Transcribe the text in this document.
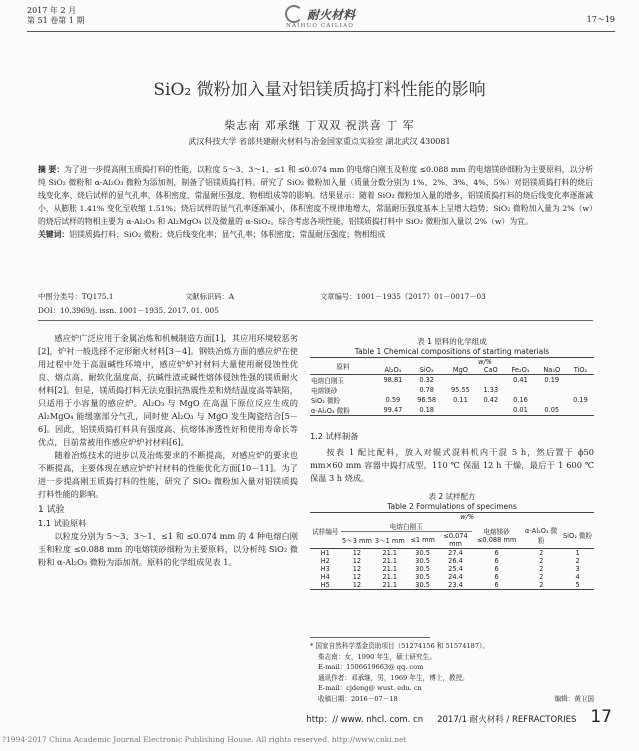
2017 年 2 月
第 51 卷第 1 期	耐火材料
NAIHUO CAILIAO
17～19
SiO₂ 微粉加入量对铝镁质捣打料性能的影响
柴志南 邓承继 丁双双 祝洪喜 丁 军
武汉科技大学 省部共建耐火材料与冶金国家重点实验室 湖北武汉 430081
摘 要：为了进一步提高刚玉质捣打料的性能，以粒度 5～3、3～1、≤1 和 ≤0.074 mm 的电熔白刚玉及粒度 ≤0.088 mm 的电熔镁砂细粉为主要原料，以分析纯 SiO₂ 微粉和 α-Al₂O₃ 微粉为添加剂，制备了铝镁质捣打料。研究了 SiO₂ 微粉加入量（质量分数分别为 1%、2%、3%、4%、5%）对铝镁质捣打料的烧后线变化率、烧后试样的显气孔率、体积密度、常温耐压强度、物相组成等的影响。结果显示：随着 SiO₂ 微粉加入量的增多，铝镁质捣打料的烧后线变化率逐渐减小，从膨胀 1.41% 变化至收缩 1.51%；烧后试样的显气孔率逐渐减小，体积密度不规律地增大，常温耐压强度基本上呈增大趋势；SiO₂ 微粉加入量为 2%（w）的烧后试样的物相主要为 α-Al₂O₃ 和 Al₂MgO₄ 以及微量的 α-SiO₂。综合考虑各项性能，铝镁质捣打料中 SiO₂ 微粉加入量以 2%（w）为宜。
关键词：铝镁质捣打料；SiO₂ 微粉；烧后线变化率；显气孔率；体积密度；常温耐压强度；物相组成
中图分类号：TQ175.1	文献标识码：A	文章编号：1001－1935（2017）01－0017－03
DOI：10.3969/j. issn. 1001－1935. 2017. 01. 005
感应炉广泛应用于金属冶炼和机械制造方面[1]，其应用环境较恶劣[2]，炉衬一般选择不定形耐火材料[3－4]。钢铁冶炼方面的感应炉在使用过程中处于高温碱性环境中，感应炉炉衬材料大量使用耐侵蚀性优良、熔点高、耐软化温度高、抗碱性渣或碱性熔体侵蚀性强的镁质耐火材料[2]。但是，镁质捣打料无法克服抗热震性差和烧结温度高等缺陷，只适用于小容量的感应炉。Al₂O₃ 与 MgO 在高温下原位反应生成的 Al₂MgO₄ 能缓塞部分气孔，同时使 Al₂O₃ 与 MgO 发生陶瓷结合[5－6]。因此，铝镁质捣打料具有强度高、抗熔体渗透性好和使用寿命长等优点，目前常被用作感应炉炉衬材料[6]。
随着冶炼技术的进步以及冶炼要求的不断提高，对感应炉的要求也不断提高，主要体现在感应炉炉衬材料的性能优化方面[10－11]。为了进一步提高刚玉质捣打料的性能，研究了 SiO₂ 微粉加入量对铝镁质捣打料性能的影响。
1 试验
1.1 试验原料
以粒度分别为 5～3、3～1、≤1 和 ≤0.074 mm 的 4 种电熔白刚玉和粒度 ≤0.088 mm 的电熔镁砂细粉为主要原料，以分析纯 SiO₂ 微粉和 α-Al₂O₃ 微粉为添加剂。原料的化学组成见表 1。
表 1 原料的化学组成
Table 1 Chemical compositions of starting materials
原料	w/%						
	Al₂O₃	SiO₂	MgO	CaO	Fe₂O₃	Na₂O	TiO₂
电熔白刚玉	98.81	0.32			0.41	0.19	
电熔镁砂		0.78	95.55	1.33			
SiO₂ 微粉	0.59	96.58	0.11	0.42	0.16		0.19
α-Al₂O₃ 微粉	99.47	0.18			0.01	0.05	
1.2 试样制备
按表 1 配比配料，放入对辊式混料机内干混 5 h，然后置于 ϕ50 mm×60 mm 容器中捣打成型，110 ℃ 保温 12 h 干燥，最后于 1 600 ℃ 保温 3 h 烧成。
表 2 试样配方
Table 2 Formulations of specimens
试样编号	w/%						
	电熔白刚玉				电熔镁砂 ≤0.088 mm	α-Al₂O₃ 微粉	SiO₂ 微粉
	5～3 mm	3～1 mm	≤1 mm	≤0.074 mm			
H1	12	21.1	30.5	27.4	6	2	1
H2	12	21.1	30.5	26.4	6	2	2
H3	12	21.1	30.5	25.4	6	2	3
H4	12	21.1	30.5	24.4	6	2	4
H5	12	21.1	30.5	23.4	6	2	5
* 国家自然科学基金资助项目（51274156 和 51574187）。
柴志南：女，1990 年生，硕士研究生。
E-mail：1506619663@ qq. com
通讯作者：邓承继，男，1969 年生，博士，教授。
E-mail：cjdeng@ wust. edu. cn
收稿日期：2016－07－18	编辑：黄卫国
http：// www. nhcl. com. cn 2017/1 耐火材料 / REFRACTORIES 17
?1994-2017 China Academic Journal Electronic Publishing House. All rights reserved. http://www.cnki.net
